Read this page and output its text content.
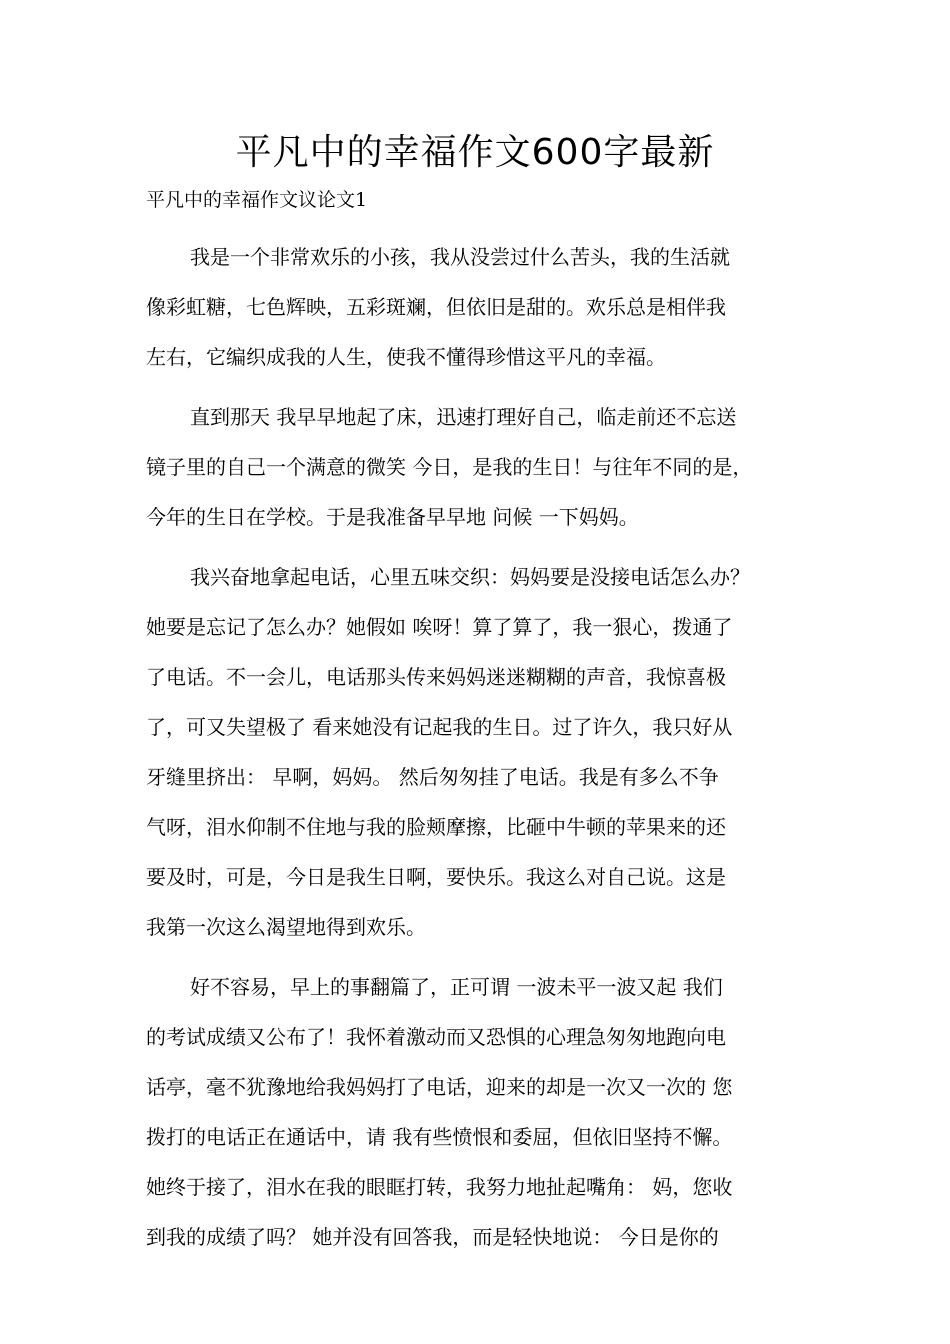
平凡中的幸福作文600字最新

平凡中的幸福作文议论文1

我是一个非常欢乐的小孩，我从没尝过什么苦头，我的生活就
像彩虹糖，七色辉映，五彩斑斓，但依旧是甜的。欢乐总是相伴我
左右，它编织成我的人生，使我不懂得珍惜这平凡的幸福。

直到那天 我早早地起了床，迅速打理好自己，临走前还不忘送
镜子里的自己一个满意的微笑 今日，是我的生日！与往年不同的是，
今年的生日在学校。于是我准备早早地 问候 一下妈妈。

我兴奋地拿起电话，心里五味交织：妈妈要是没接电话怎么办？
她要是忘记了怎么办？她假如 唉呀！算了算了，我一狠心，拨通了
了电话。不一会儿，电话那头传来妈妈迷迷糊糊的声音，我惊喜极
了，可又失望极了 看来她没有记起我的生日。过了许久，我只好从
牙缝里挤出： 早啊，妈妈。 然后匆匆挂了电话。我是有多么不争
气呀，泪水仰制不住地与我的脸颊摩擦，比砸中牛顿的苹果来的还
要及时，可是，今日是我生日啊，要快乐。我这么对自己说。这是
我第一次这么渴望地得到欢乐。

好不容易，早上的事翻篇了，正可谓 一波未平一波又起 我们
的考试成绩又公布了！我怀着激动而又恐惧的心理急匆匆地跑向电
话亭，毫不犹豫地给我妈妈打了电话，迎来的却是一次又一次的 您
拨打的电话正在通话中，请 我有些愤恨和委屈，但依旧坚持不懈。
她终于接了，泪水在我的眼眶打转，我努力地扯起嘴角： 妈，您收
到我的成绩了吗？ 她并没有回答我，而是轻快地说： 今日是你的
